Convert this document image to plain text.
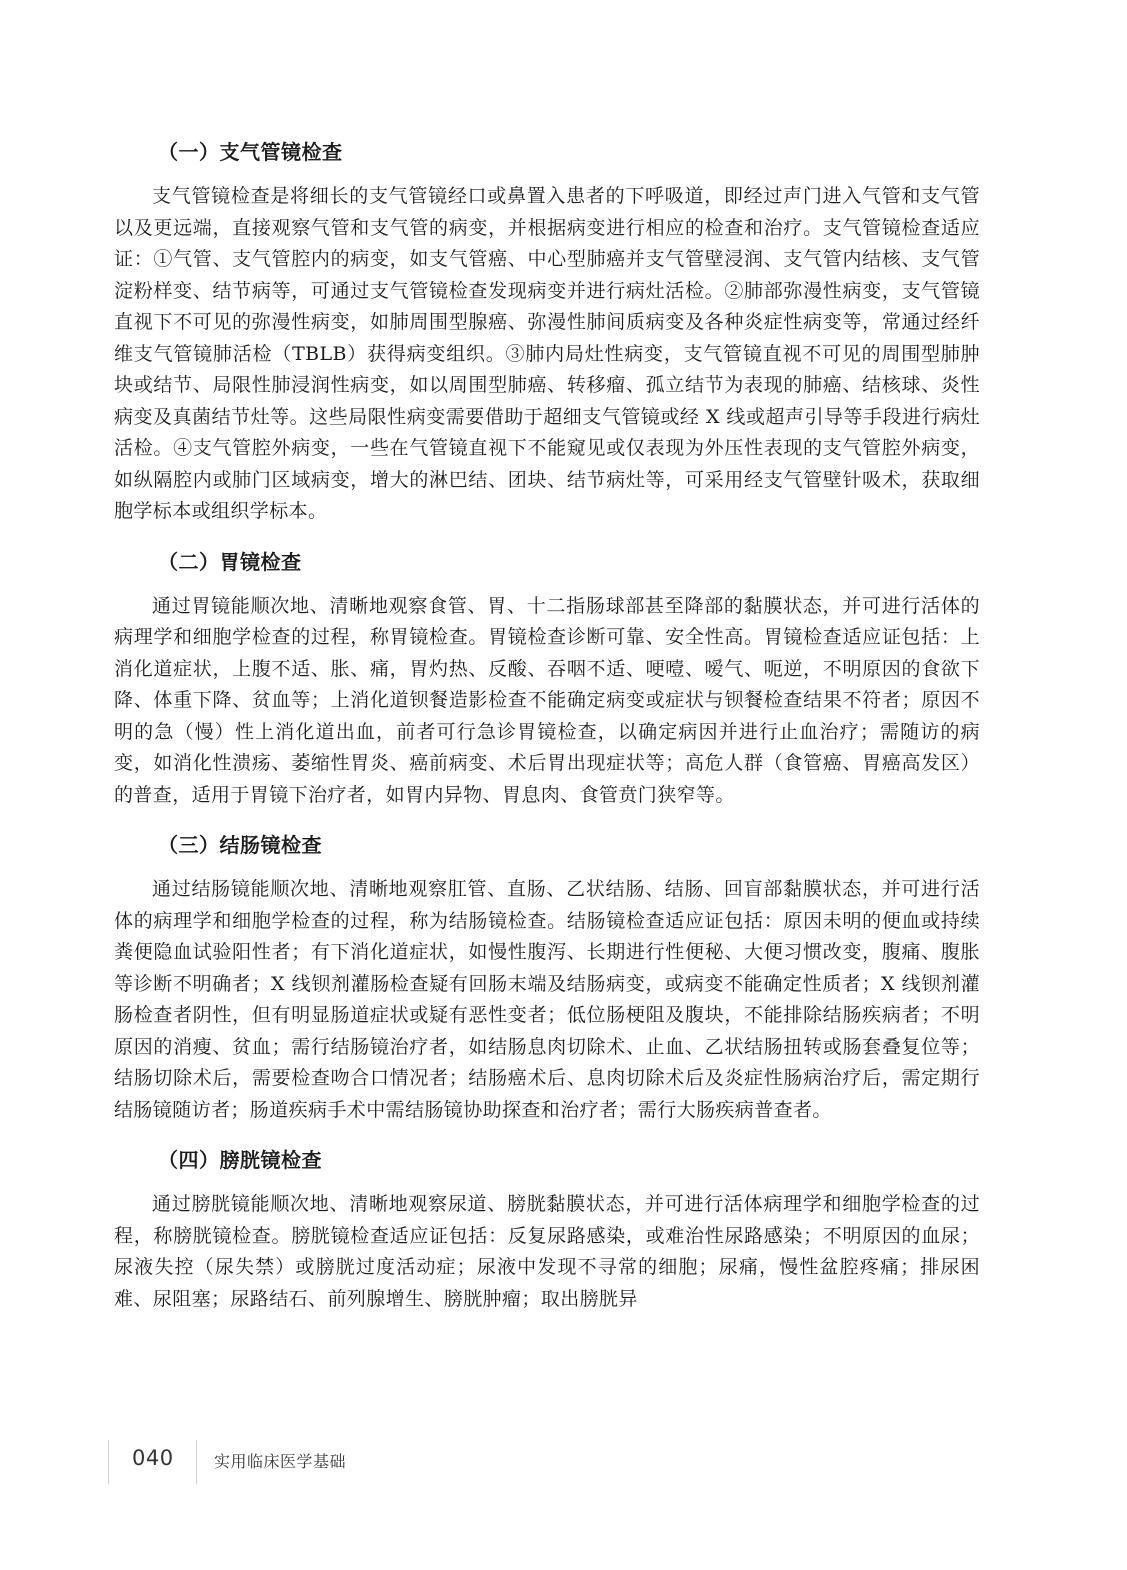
（一）支气管镜检查

支气管镜检查是将细长的支气管镜经口或鼻置入患者的下呼吸道，即经过声门进入气管和支气管以及更远端，直接观察气管和支气管的病变，并根据病变进行相应的检查和治疗。支气管镜检查适应证：①气管、支气管腔内的病变，如支气管癌、中心型肺癌并支气管壁浸润、支气管内结核、支气管淀粉样变、结节病等，可通过支气管镜检查发现病变并进行病灶活检。②肺部弥漫性病变，支气管镜直视下不可见的弥漫性病变，如肺周围型腺癌、弥漫性肺间质病变及各种炎症性病变等，常通过经纤维支气管镜肺活检（TBLB）获得病变组织。③肺内局灶性病变，支气管镜直视不可见的周围型肺肿块或结节、局限性肺浸润性病变，如以周围型肺癌、转移瘤、孤立结节为表现的肺癌、结核球、炎性病变及真菌结节灶等。这些局限性病变需要借助于超细支气管镜或经 X 线或超声引导等手段进行病灶活检。④支气管腔外病变，一些在气管镜直视下不能窥见或仅表现为外压性表现的支气管腔外病变，如纵隔腔内或肺门区域病变，增大的淋巴结、团块、结节病灶等，可采用经支气管壁针吸术，获取细胞学标本或组织学标本。

（二）胃镜检查

通过胃镜能顺次地、清晰地观察食管、胃、十二指肠球部甚至降部的黏膜状态，并可进行活体的病理学和细胞学检查的过程，称胃镜检查。胃镜检查诊断可靠、安全性高。胃镜检查适应证包括：上消化道症状，上腹不适、胀、痛，胃灼热、反酸、吞咽不适、哽噎、嗳气、呃逆，不明原因的食欲下降、体重下降、贫血等；上消化道钡餐造影检查不能确定病变或症状与钡餐检查结果不符者；原因不明的急（慢）性上消化道出血，前者可行急诊胃镜检查，以确定病因并进行止血治疗；需随访的病变，如消化性溃疡、萎缩性胃炎、癌前病变、术后胃出现症状等；高危人群（食管癌、胃癌高发区）的普查，适用于胃镜下治疗者，如胃内异物、胃息肉、食管贲门狭窄等。

（三）结肠镜检查

通过结肠镜能顺次地、清晰地观察肛管、直肠、乙状结肠、结肠、回盲部黏膜状态，并可进行活体的病理学和细胞学检查的过程，称为结肠镜检查。结肠镜检查适应证包括：原因未明的便血或持续粪便隐血试验阳性者；有下消化道症状，如慢性腹泻、长期进行性便秘、大便习惯改变，腹痛、腹胀等诊断不明确者；X 线钡剂灌肠检查疑有回肠末端及结肠病变，或病变不能确定性质者；X 线钡剂灌肠检查者阴性，但有明显肠道症状或疑有恶性变者；低位肠梗阻及腹块，不能排除结肠疾病者；不明原因的消瘦、贫血；需行结肠镜治疗者，如结肠息肉切除术、止血、乙状结肠扭转或肠套叠复位等；结肠切除术后，需要检查吻合口情况者；结肠癌术后、息肉切除术后及炎症性肠病治疗后，需定期行结肠镜随访者；肠道疾病手术中需结肠镜协助探查和治疗者；需行大肠疾病普查者。

（四）膀胱镜检查

通过膀胱镜能顺次地、清晰地观察尿道、膀胱黏膜状态，并可进行活体病理学和细胞学检查的过程，称膀胱镜检查。膀胱镜检查适应证包括：反复尿路感染，或难治性尿路感染；不明原因的血尿；尿液失控（尿失禁）或膀胱过度活动症；尿液中发现不寻常的细胞；尿痛，慢性盆腔疼痛；排尿困难、尿阻塞；尿路结石、前列腺增生、膀胱肿瘤；取出膀胱异

040	实用临床医学基础
